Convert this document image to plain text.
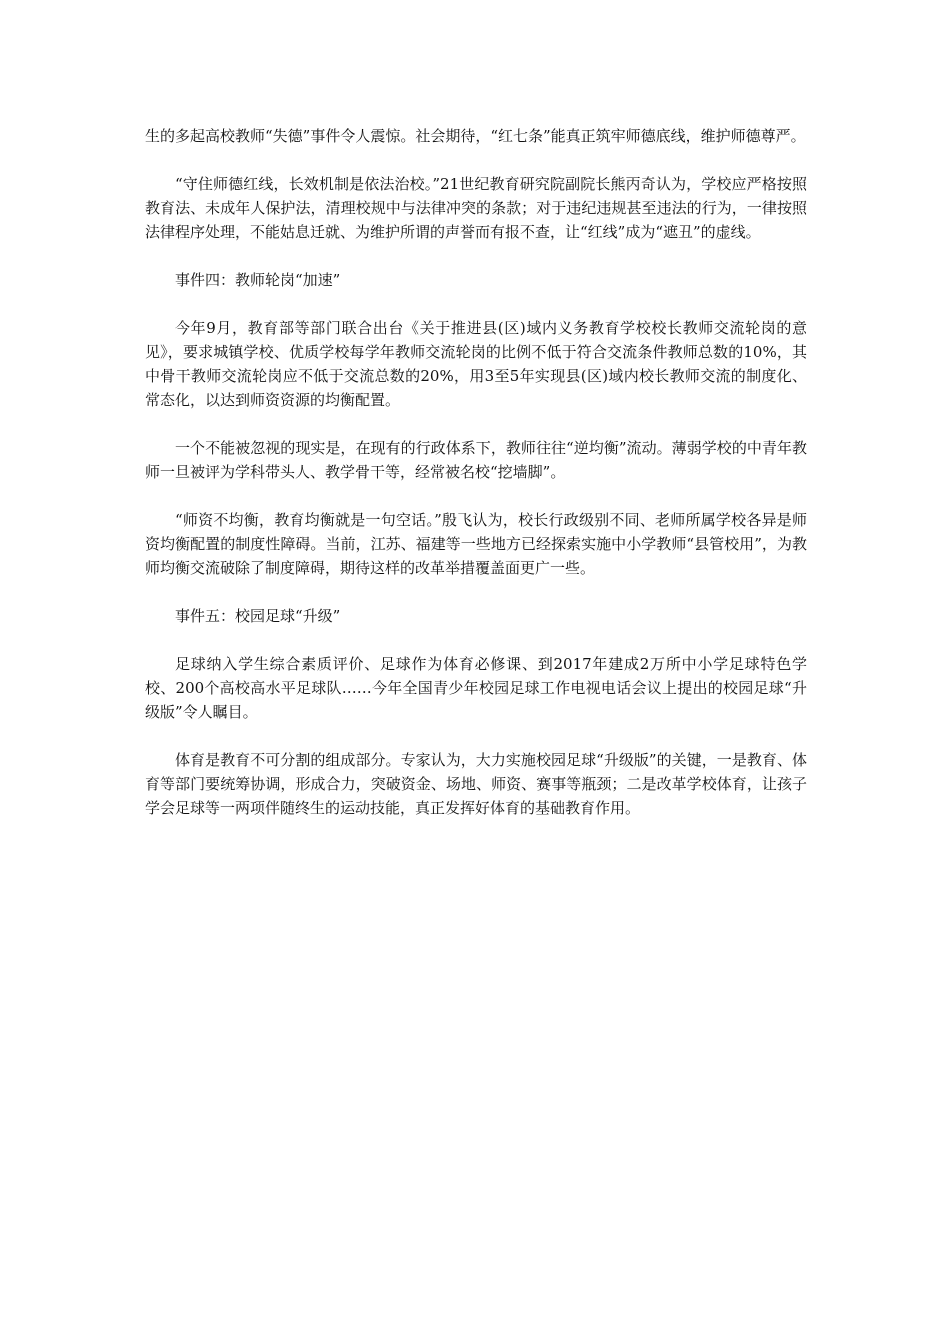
生的多起高校教师“失德”事件令人震惊。社会期待，“红七条”能真正筑牢师德底线，维护师德尊严。

“守住师德红线，长效机制是依法治校。”21世纪教育研究院副院长熊丙奇认为，学校应严格按照教育法、未成年人保护法，清理校规中与法律冲突的条款；对于违纪违规甚至违法的行为，一律按照法律程序处理，不能姑息迁就、为维护所谓的声誉而有报不查，让“红线”成为“遮丑”的虚线。

事件四：教师轮岗“加速”

今年9月，教育部等部门联合出台《关于推进县(区)域内义务教育学校校长教师交流轮岗的意见》，要求城镇学校、优质学校每学年教师交流轮岗的比例不低于符合交流条件教师总数的10%，其中骨干教师交流轮岗应不低于交流总数的20%，用3至5年实现县(区)域内校长教师交流的制度化、常态化，以达到师资资源的均衡配置。

一个不能被忽视的现实是，在现有的行政体系下，教师往往“逆均衡”流动。薄弱学校的中青年教师一旦被评为学科带头人、教学骨干等，经常被名校“挖墙脚”。

“师资不均衡，教育均衡就是一句空话。”殷飞认为，校长行政级别不同、老师所属学校各异是师资均衡配置的制度性障碍。当前，江苏、福建等一些地方已经探索实施中小学教师“县管校用”，为教师均衡交流破除了制度障碍，期待这样的改革举措覆盖面更广一些。

事件五：校园足球“升级”

足球纳入学生综合素质评价、足球作为体育必修课、到2017年建成2万所中小学足球特色学校、200个高校高水平足球队……今年全国青少年校园足球工作电视电话会议上提出的校园足球“升级版”令人瞩目。

体育是教育不可分割的组成部分。专家认为，大力实施校园足球“升级版”的关键，一是教育、体育等部门要统筹协调，形成合力，突破资金、场地、师资、赛事等瓶颈；二是改革学校体育，让孩子学会足球等一两项伴随终生的运动技能，真正发挥好体育的基础教育作用。
